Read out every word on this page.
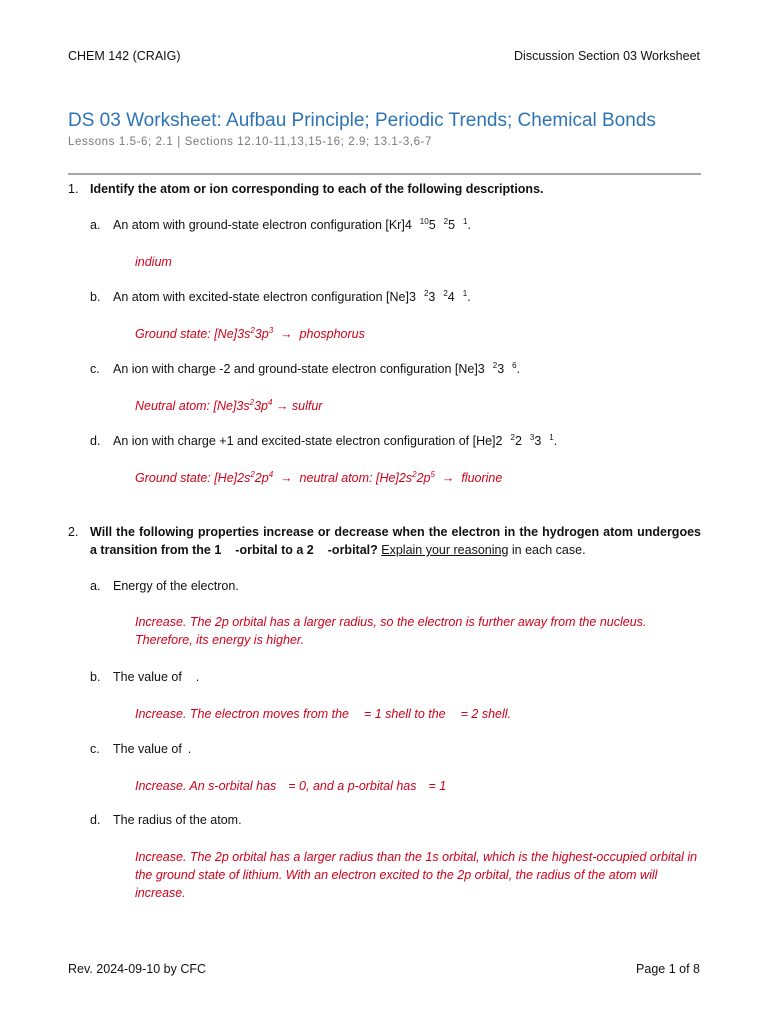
CHEM 142 (CRAIG)	Discussion Section 03 Worksheet
DS 03 Worksheet: Aufbau Principle; Periodic Trends; Chemical Bonds
Lessons 1.5-6; 2.1 | Sections 12.10-11,13,15-16; 2.9; 13.1-3,6-7
1. Identify the atom or ion corresponding to each of the following descriptions.
a. An atom with ground-state electron configuration [Kr]4 $^{10}$5 $^2$5 $^1$.
indium
b. An atom with excited-state electron configuration [Ne]3 $^2$3 $^2$4 $^1$.
Ground state: $[Ne]3s^23p^3$  →  phosphorus
c. An ion with charge -2 and ground-state electron configuration [Ne]3 $^2$3 $^6$.
Neutral atom: $[Ne]3s^23p^4$ → sulfur
d. An ion with charge +1 and excited-state electron configuration of [He]2 $^2$2 $^3$3 $^1$.
Ground state: $[He]2s^22p^4$  →  neutral atom: $[He]2s^22p^5$  →  fluorine
2. Will the following properties increase or decrease when the electron in the hydrogen atom undergoes a transition from the 1 -orbital to a 2 -orbital? Explain your reasoning in each case.
a. Energy of the electron.
Increase. The 2p orbital has a larger radius, so the electron is further away from the nucleus. Therefore, its energy is higher.
b. The value of .
Increase. The electron moves from the = 1 shell to the = 2 shell.
c. The value of .
Increase. An s-orbital has = 0, and a p-orbital has = 1
d. The radius of the atom.
Increase. The 2p orbital has a larger radius than the 1s orbital, which is the highest-occupied orbital in the ground state of lithium. With an electron excited to the 2p orbital, the radius of the atom will increase.
Rev. 2024-09-10 by CFC	Page 1 of 8
